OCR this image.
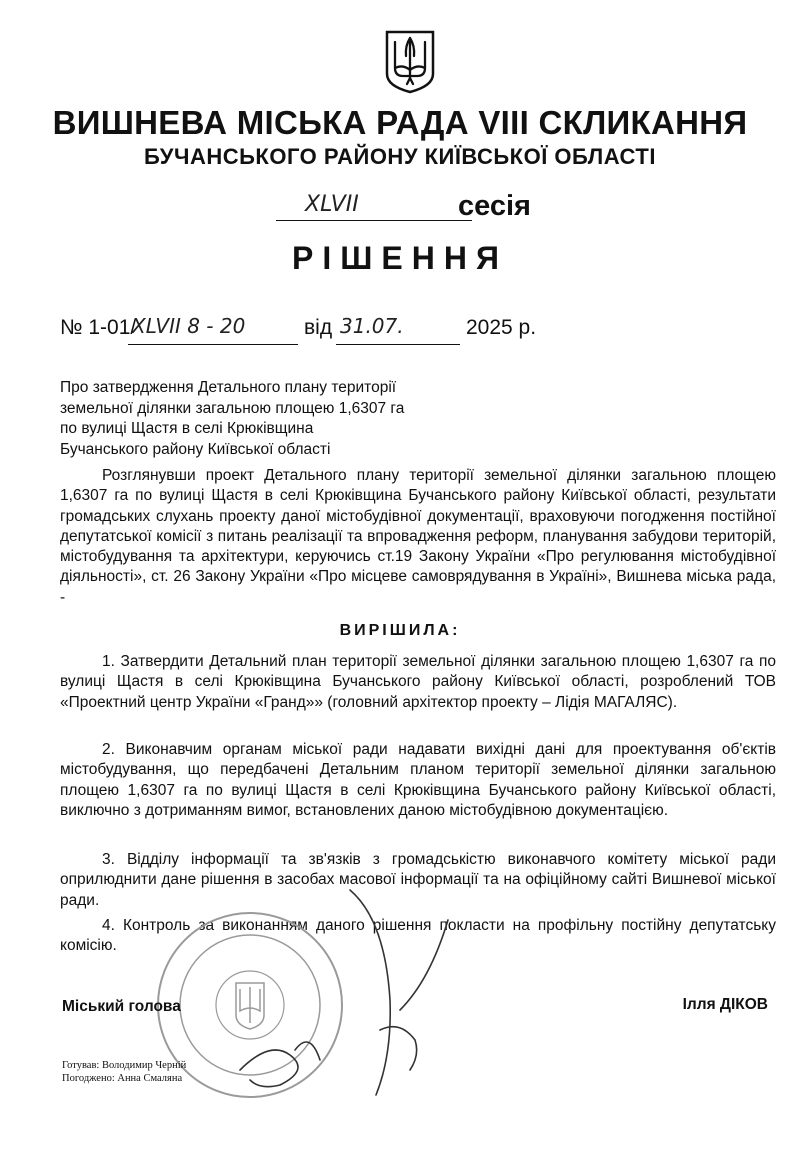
ВИШНЕВА МІСЬКА РАДА VIII СКЛИКАННЯ
БУЧАНСЬКОГО РАЙОНУ КИЇВСЬКОЇ ОБЛАСТІ
XLVII	сесія
РІШЕННЯ
№ 1-01/
XLVII 8 - 20	від 31.07.	2025 р.
Про затвердження Детального плану території
земельної ділянки загальною площею 1,6307 га
по вулиці Щастя в селі Крюківщина
Бучанського району Київської області

Розглянувши проект Детального плану території земельної ділянки загальною площею 1,6307 га по вулиці Щастя в селі Крюківщина Бучанського району Київської області, результати громадських слухань проекту даної містобудівної документації, враховуючи погодження постійної депутатської комісії з питань реалізації та впровадження реформ, планування забудови територій, містобудування та архітектури, керуючись ст.19 Закону України «Про регулювання містобудівної діяльності», ст. 26 Закону України «Про місцеве самоврядування в Україні», Вишнева міська рада, -

ВИРІШИЛА:

1. Затвердити Детальний план території земельної ділянки загальною площею 1,6307 га по вулиці Щастя в селі Крюківщина Бучанського району Київської області, розроблений ТОВ «Проектний центр України «Гранд»» (головний архітектор проекту – Лідія МАГАЛЯС).

2. Виконавчим органам міської ради надавати вихідні дані для проектування об'єктів містобудування, що передбачені Детальним планом території земельної ділянки загальною площею 1,6307 га по вулиці Щастя в селі Крюківщина Бучанського району Київської області, виключно з дотриманням вимог, встановлених даною містобудівною документацією.

3. Відділу інформації та зв'язків з громадськістю виконавчого комітету міської ради оприлюднити дане рішення в засобах масової інформації та на офіційному сайті Вишневої міської ради.

4. Контроль за виконанням даного рішення покласти на профільну постійну депутатську комісію.

Міський голова	Ілля ДІКОВ
Готував: Володимир Черній
Погоджено: Анна Смаляна
